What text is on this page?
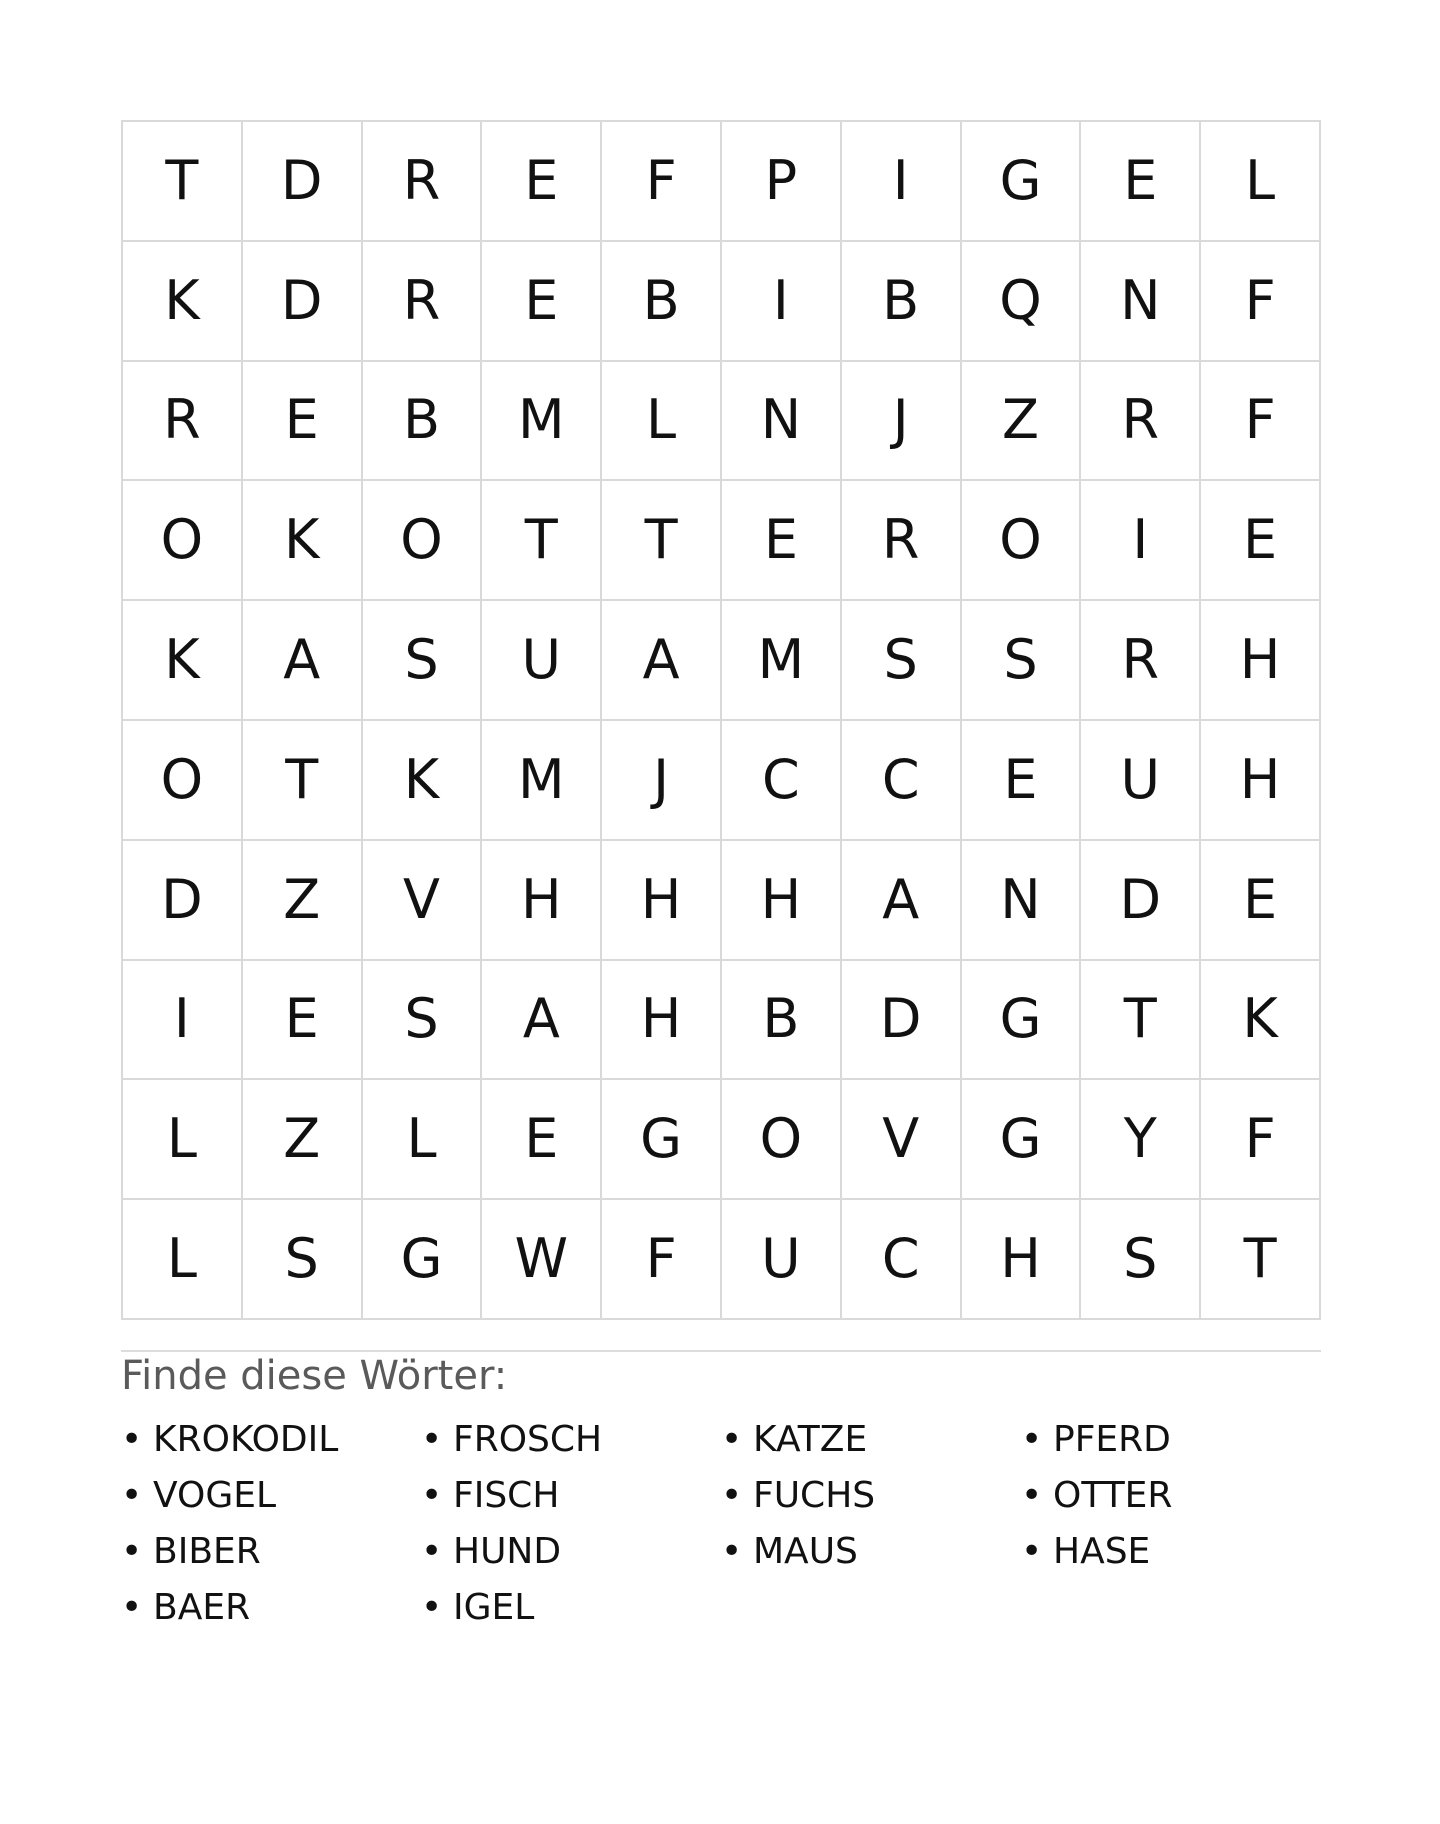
T	D	R	E	F	P	I	G	E	L
K	D	R	E	B	I	B	Q	N	F
R	E	B	M	L	N	J	Z	R	F
O	K	O	T	T	E	R	O	I	E
K	A	S	U	A	M	S	S	R	H
O	T	K	M	J	C	C	E	U	H
D	Z	V	H	H	H	A	N	D	E
I	E	S	A	H	B	D	G	T	K
L	Z	L	E	G	O	V	G	Y	F
L	S	G	W	F	U	C	H	S	T
Finde diese Wörter:
• KROKODIL • FROSCH	• KATZE	• PFERD
• VOGEL	• FISCH	• FUCHS	• OTTER
• BIBER	• HUND	• MAUS	• HASE
• BAER	• IGEL
